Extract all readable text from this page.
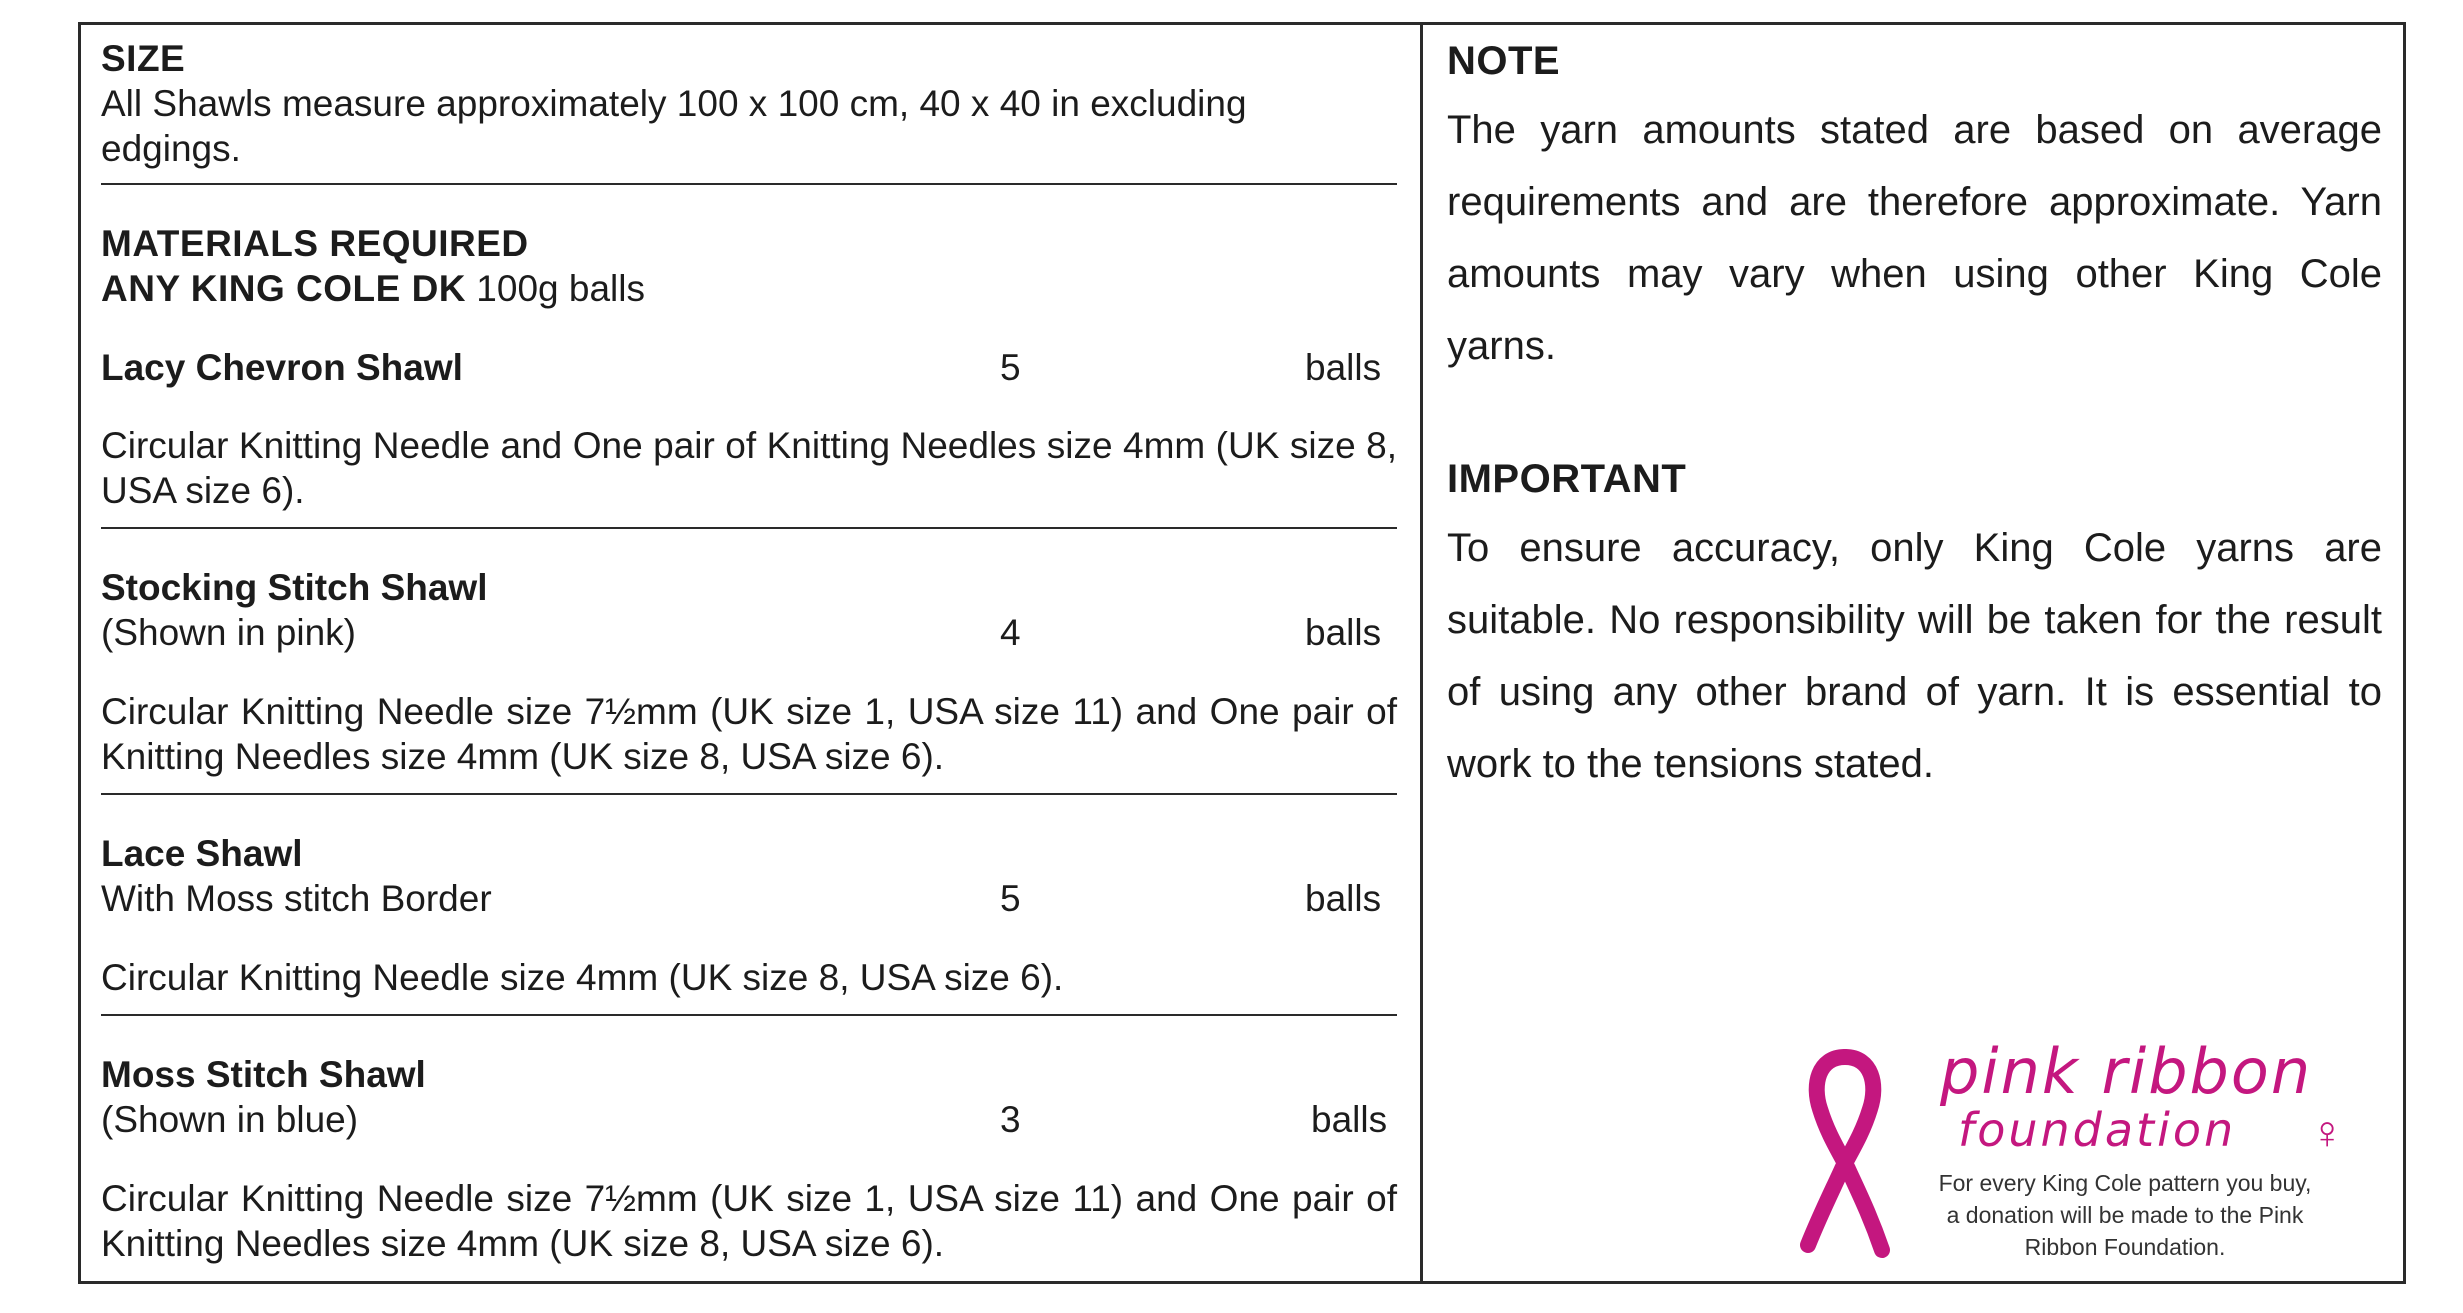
SIZE
All Shawls measure approximately 100 x 100 cm, 40 x 40 in excluding edgings.
MATERIALS REQUIRED
ANY KING COLE DK 100g balls
Lacy Chevron Shawl	5	balls
Circular Knitting Needle and One pair of Knitting Needles size 4mm (UK size 8, USA size 6).
Stocking Stitch Shawl
(Shown in pink)	4	balls
Circular Knitting Needle size 7½mm (UK size 1, USA size 11) and One pair of Knitting Needles size 4mm (UK size 8, USA size 6).
Lace Shawl
With Moss stitch Border	5	balls
Circular Knitting Needle size 4mm (UK size 8, USA size 6).
Moss Stitch Shawl
(Shown in blue)	3	balls
Circular Knitting Needle size 7½mm (UK size 1, USA size 11) and One pair of Knitting Needles size 4mm (UK size 8, USA size 6).
NOTE
The yarn amounts stated are based on average requirements and are therefore approximate. Yarn amounts may vary when using other King Cole yarns.
IMPORTANT
To ensure accuracy, only King Cole yarns are suitable. No responsibility will be taken for the result of using any other brand of yarn. It is essential to work to the tensions stated.
pink ribbon
foundation ♀
For every King Cole pattern you buy, a donation will be made to the Pink Ribbon Foundation.
